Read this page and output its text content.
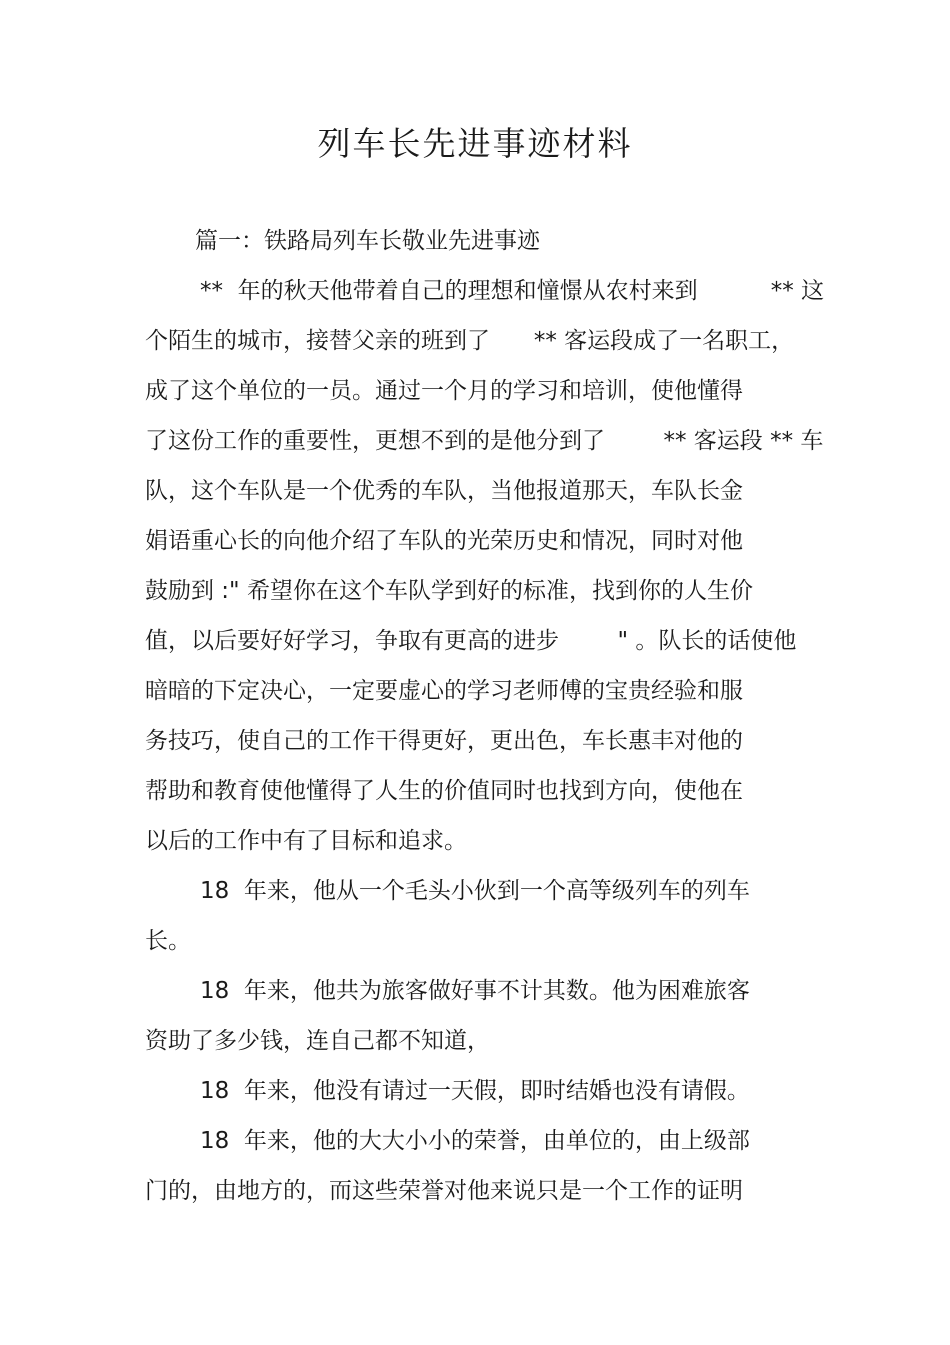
列车长先进事迹材料

篇一：铁路局列车长敬业先进事迹

**  年的秋天他带着自己的理想和憧憬从农村来到          ** 这

个陌生的城市，接替父亲的班到了      ** 客运段成了一名职工，

成了这个单位的一员。通过一个月的学习和培训，使他懂得

了这份工作的重要性，更想不到的是他分到了        ** 客运段 ** 车

队，这个车队是一个优秀的车队，当他报道那天，车队长金

娟语重心长的向他介绍了车队的光荣历史和情况，同时对他

鼓励到 :" 希望你在这个车队学到好的标准，找到你的人生价

值，以后要好好学习，争取有更高的进步        " 。队长的话使他

暗暗的下定决心，一定要虚心的学习老师傅的宝贵经验和服

务技巧，使自己的工作干得更好，更出色，车长惠丰对他的

帮助和教育使他懂得了人生的价值同时也找到方向，使他在

以后的工作中有了目标和追求。

18  年来，他从一个毛头小伙到一个高等级列车的列车

长。

18  年来，他共为旅客做好事不计其数。他为困难旅客

资助了多少钱，连自己都不知道，

18  年来，他没有请过一天假，即时结婚也没有请假。

18  年来，他的大大小小的荣誉，由单位的，由上级部

门的，由地方的，而这些荣誉对他来说只是一个工作的证明
